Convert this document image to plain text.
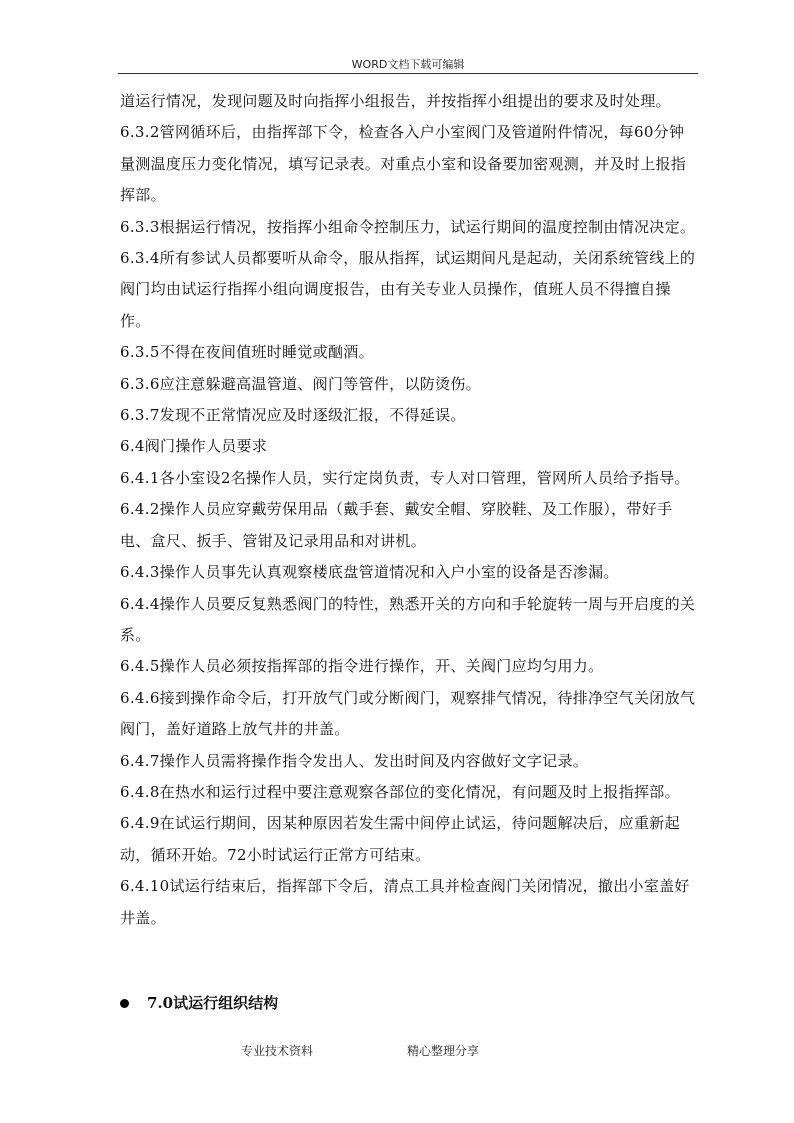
WORD文档下载可编辑

道运行情况，发现问题及时向指挥小组报告，并按指挥小组提出的要求及时处理。

6.3.2管网循环后，由指挥部下令，检查各入户小室阀门及管道附件情况，每60分钟量测温度压力变化情况，填写记录表。对重点小室和设备要加密观测，并及时上报指挥部。

6.3.3根据运行情况，按指挥小组命令控制压力，试运行期间的温度控制由情况决定。

6.3.4所有参试人员都要听从命令，服从指挥，试运期间凡是起动，关闭系统管线上的阀门均由试运行指挥小组向调度报告，由有关专业人员操作，值班人员不得擅自操作。

6.3.5不得在夜间值班时睡觉或酗酒。

6.3.6应注意躲避高温管道、阀门等管件，以防烫伤。

6.3.7发现不正常情况应及时逐级汇报，不得延误。

6.4阀门操作人员要求

6.4.1各小室设2名操作人员，实行定岗负责，专人对口管理，管网所人员给予指导。

6.4.2操作人员应穿戴劳保用品（戴手套、戴安全帽、穿胶鞋、及工作服），带好手电、盒尺、扳手、管钳及记录用品和对讲机。

6.4.3操作人员事先认真观察楼底盘管道情况和入户小室的设备是否渗漏。

6.4.4操作人员要反复熟悉阀门的特性，熟悉开关的方向和手轮旋转一周与开启度的关系。

6.4.5操作人员必须按指挥部的指令进行操作，开、关阀门应均匀用力。

6.4.6接到操作命令后，打开放气门或分断阀门，观察排气情况，待排净空气关闭放气阀门，盖好道路上放气井的井盖。

6.4.7操作人员需将操作指令发出人、发出时间及内容做好文字记录。

6.4.8在热水和运行过程中要注意观察各部位的变化情况，有问题及时上报指挥部。

6.4.9在试运行期间，因某种原因若发生需中间停止试运，待问题解决后，应重新起动，循环开始。72小时试运行正常方可结束。

6.4.10试运行结束后，指挥部下令后，清点工具并检查阀门关闭情况，撤出小室盖好井盖。

7.0试运行组织结构
专业技术资料	精心整理分享
